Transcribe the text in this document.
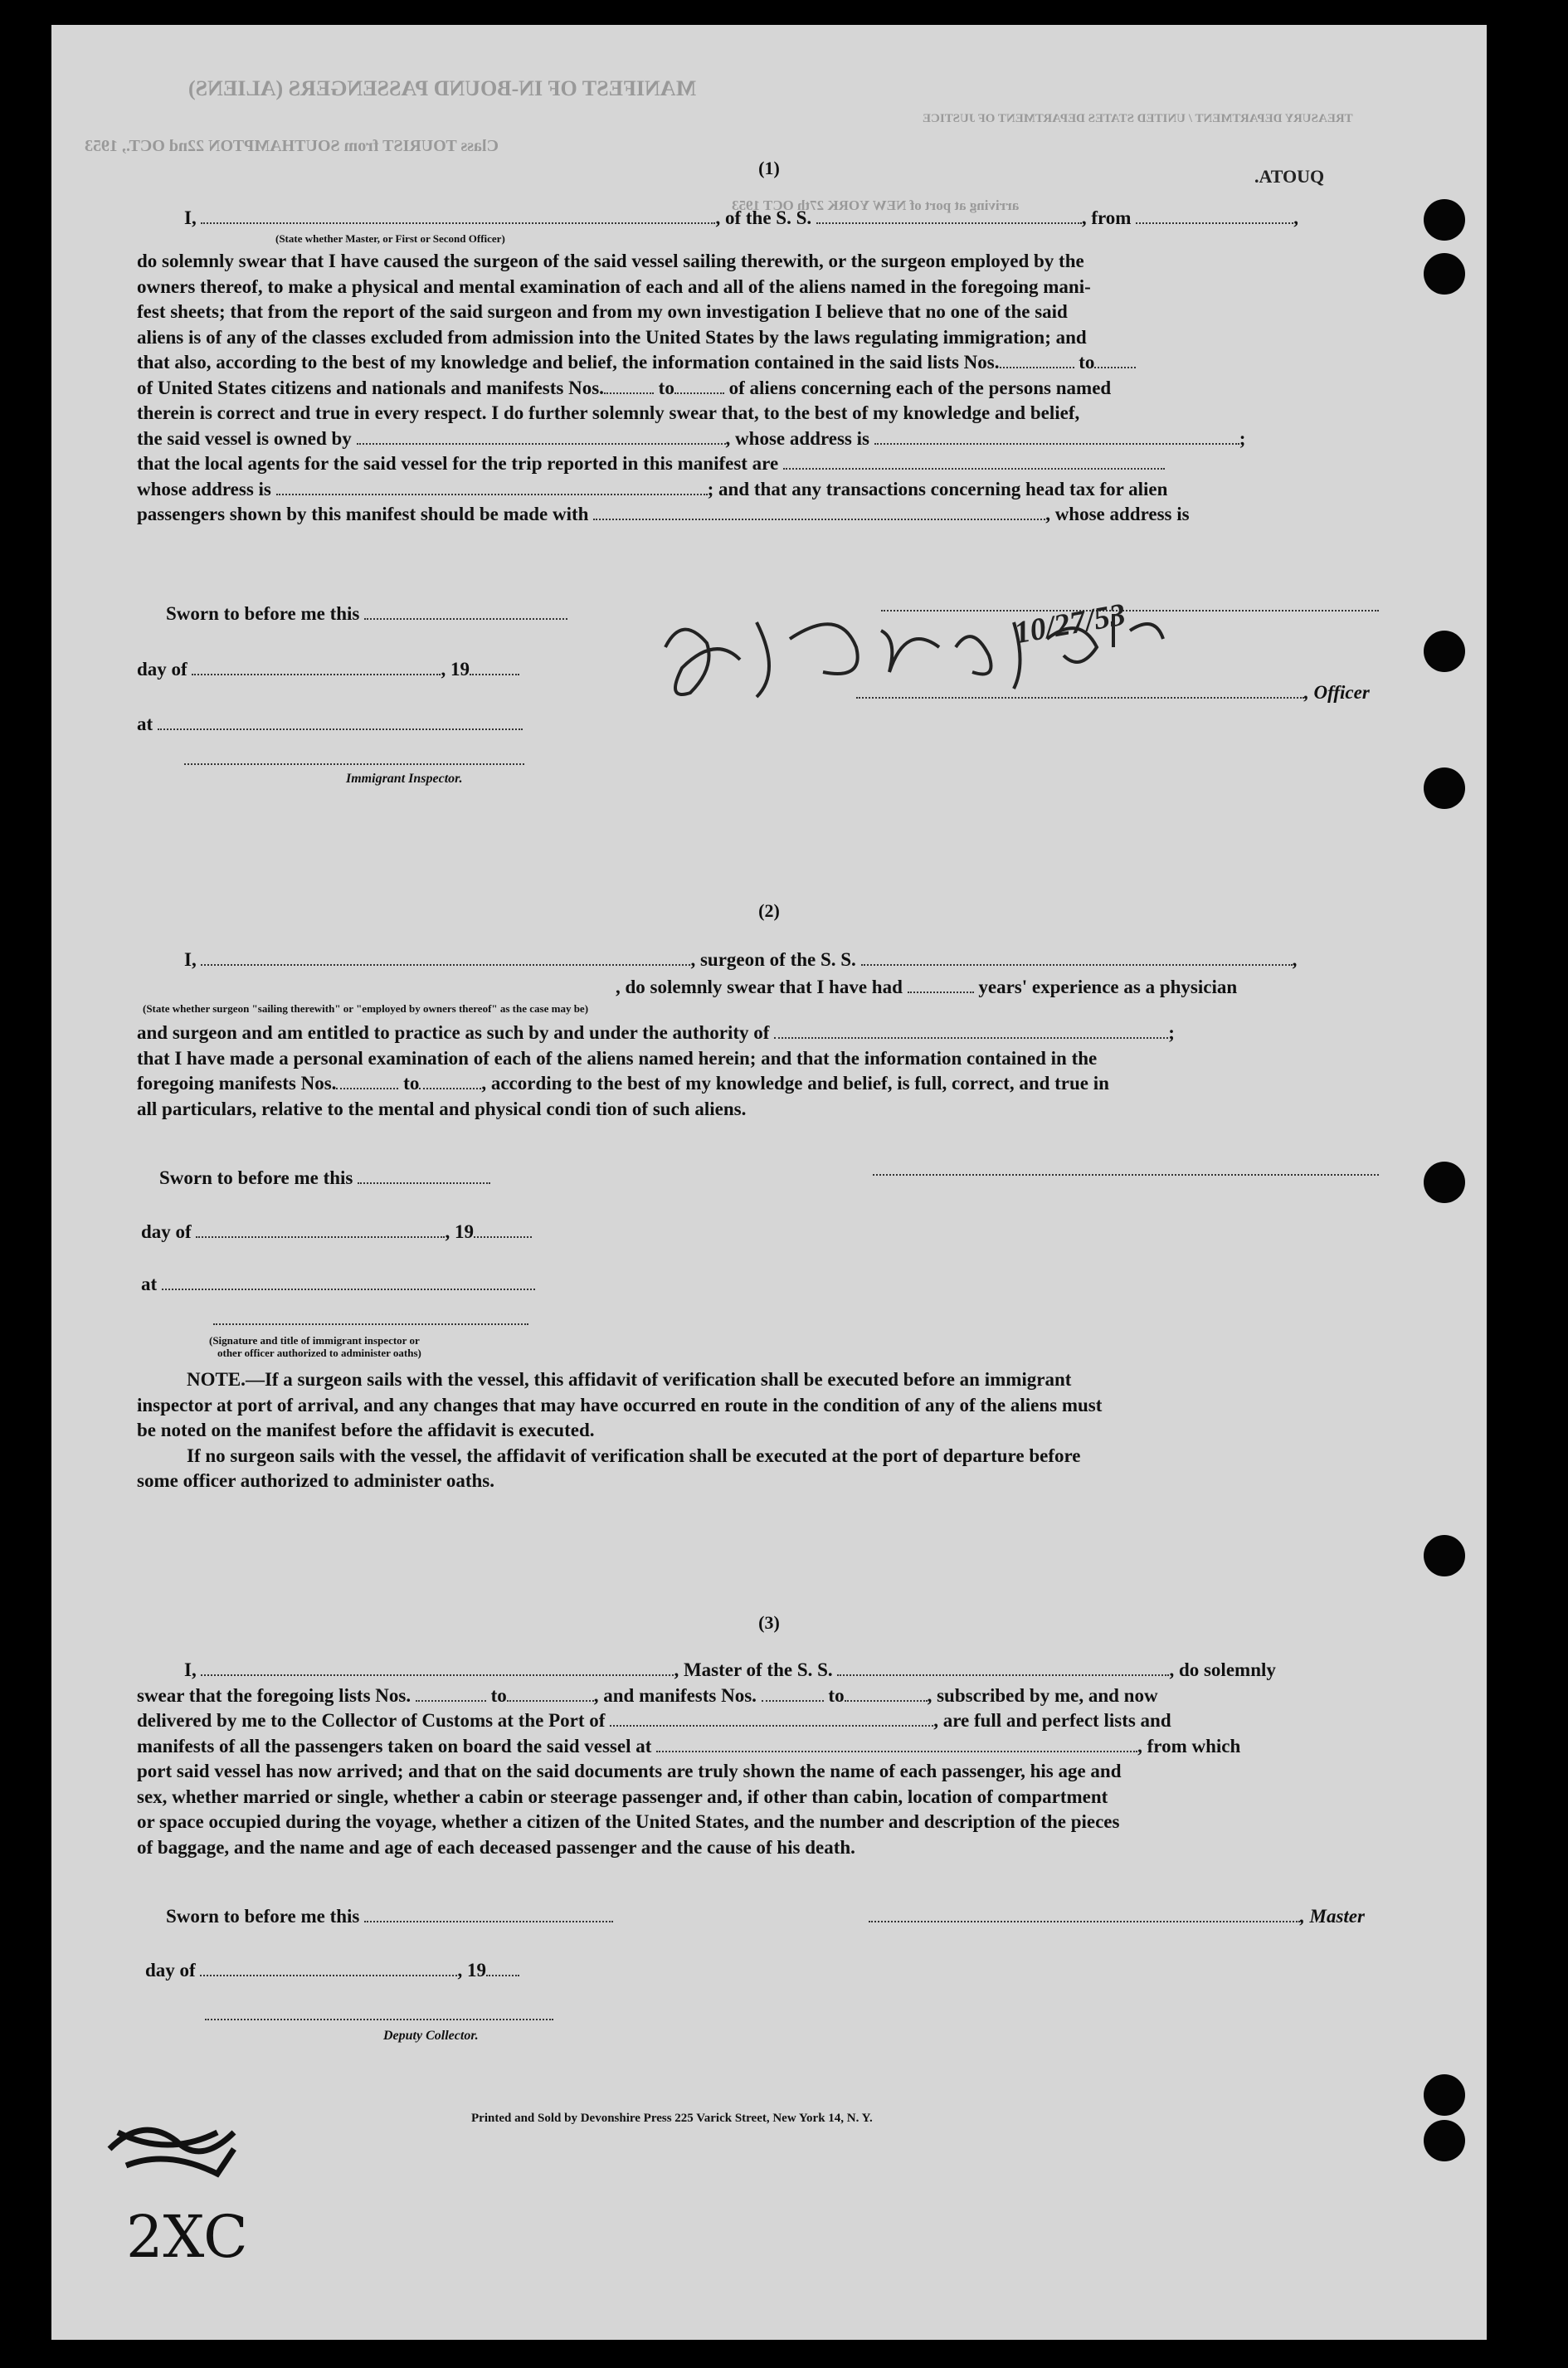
MANIFEST OF IN-BOUND PASSENGERS (ALIENS)
Class TOURIST from SOUTHAMPTON 22nd OCT., 1953
arriving at port of NEW YORK 27th OCT 1953
TREASURY DEPARTMENT / UNITED STATES DEPARTMENT OF JUSTICE
.ATOUQ
(1)
I,	, of the S. S.	, from	,
(State whether Master, or First or Second Officer)
do solemnly swear that I have caused the surgeon of the said vessel sailing therewith, or the surgeon employed by the
owners thereof, to make a physical and mental examination of each and all of the aliens named in the foregoing mani-
fest sheets; that from the report of the said surgeon and from my own investigation I believe that no one of the said
aliens is of any of the classes excluded from admission into the United States by the laws regulating immigration; and
that also, according to the best of my knowledge and belief, the information contained in the said lists Nos.	to
of United States citizens and nationals and manifests Nos.	to	of aliens concerning each of the persons named
therein is correct and true in every respect. I do further solemnly swear that, to the best of my knowledge and belief,
the said vessel is owned by	, whose address is	;
that the local agents for the said vessel for the trip reported in this manifest are
whose address is	; and that any transactions concerning head tax for alien
passengers shown by this manifest should be made with	, whose address is
Sworn to before me this
day of	, 19
, Officer
at
Immigrant Inspector.
10/27/53
(2)
I,	, surgeon of the S. S.	,
, do solemnly swear that I have had	years' experience as a physician
(State whether surgeon "sailing therewith" or "employed by owners thereof" as the case may be)
and surgeon and am entitled to practice as such by and under the authority of	;
that I have made a personal examination of each of the aliens named herein; and that the information contained in the
foregoing manifests Nos.	to	, according to the best of my knowledge and belief, is full, correct, and true in
all particulars, relative to the mental and physical condi tion of such aliens.
Sworn to before me this
day of	, 19
at
(Signature and title of immigrant inspector or
other officer authorized to administer oaths)
NOTE.—If a surgeon sails with the vessel, this affidavit of verification shall be executed before an immigrant
inspector at port of arrival, and any changes that may have occurred en route in the condition of any of the aliens must
be noted on the manifest before the affidavit is executed.
If no surgeon sails with the vessel, the affidavit of verification shall be executed at the port of departure before
some officer authorized to administer oaths.
(3)
I,	, Master of the S. S.	, do solemnly
swear that the foregoing lists Nos.	to	, and manifests Nos.	to	, subscribed by me, and now
delivered by me to the Collector of Customs at the Port of	, are full and perfect lists and
manifests of all the passengers taken on board the said vessel at	, from which
port said vessel has now arrived; and that on the said documents are truly shown the name of each passenger, his age and
sex, whether married or single, whether a cabin or steerage passenger and, if other than cabin, location of compartment
or space occupied during the voyage, whether a citizen of the United States, and the number and description of the pieces
of baggage, and the name and age of each deceased passenger and the cause of his death.
Sworn to before me this	, Master
day of	, 19
Deputy Collector.
Printed and Sold by Devonshire Press 225 Varick Street, New York 14, N. Y.
2XC
